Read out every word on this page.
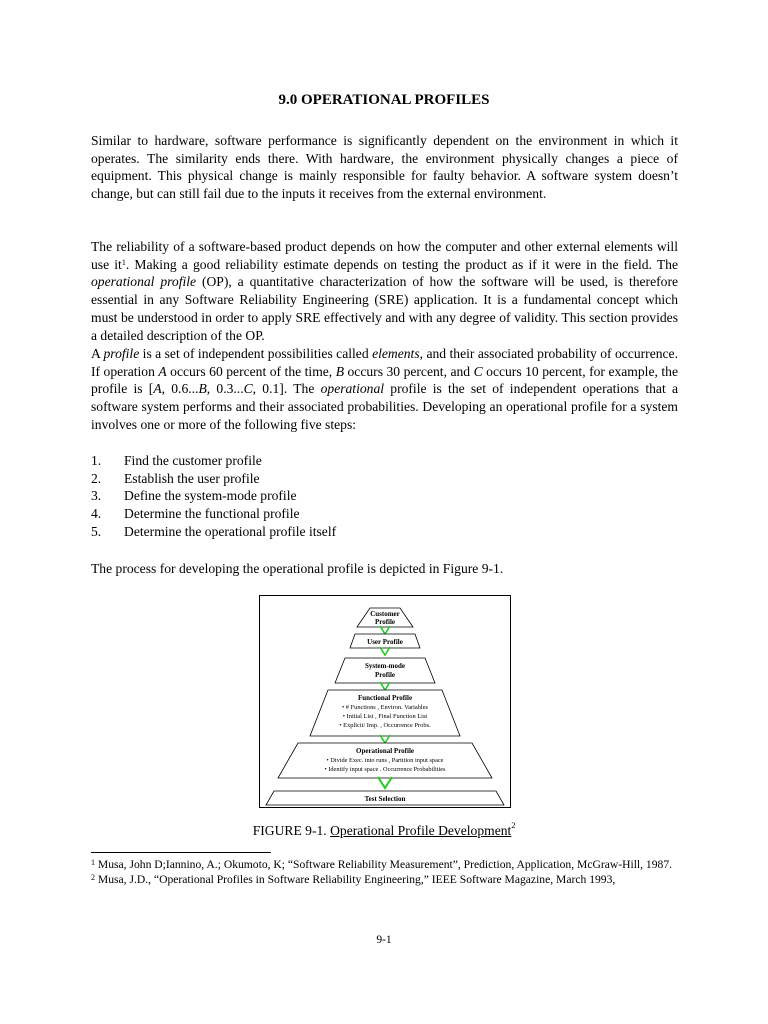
9.0 OPERATIONAL PROFILES

Similar to hardware, software performance is significantly dependent on the environment in which it operates. The similarity ends there. With hardware, the environment physically changes a piece of equipment. This physical change is mainly responsible for faulty behavior. A software system doesn’t change, but can still fail due to the inputs it receives from the external environment.

The reliability of a software-based product depends on how the computer and other external elements will use $it^1$. Making a good reliability estimate depends on testing the product as if it were in the field. The operational profile (OP), a quantitative characterization of how the software will be used, is therefore essential in any Software Reliability Engineering (SRE) application. It is a fundamental concept which must be understood in order to apply SRE effectively and with any degree of validity. This section provides a detailed description of the OP.

A profile is a set of independent possibilities called elements, and their associated probability of occurrence. If operation A occurs 60 percent of the time, B occurs 30 percent, and C occurs 10 percent, for example, the profile is [A, 0.6...B, 0.3...C, 0.1]. The operational profile is the set of independent operations that a software system performs and their associated probabilities. Developing an operational profile for a system involves one or more of the following five steps:

1. Find the customer profile
2. Establish the user profile
3. Define the system-mode profile
4. Determine the functional profile
5. Determine the operational profile itself

The process for developing the operational profile is depicted in Figure 9-1.

Customer
Profile
User Profile
System-mode
Profile
Functional Profile
• # Functions , Environ. Variables
• Initial List , Final Function List
• Explicit/ Imp. , Occurrence Probs.
Operational Profile
• Divide Exec. into runs , Partition input space
• Identify input space . Occurrence Probabilities
Test Selection
FIGURE 9-1. Operational Profile Development$^2$

$^1$ Musa, John D;Iannino, A.; Okumoto, K; “Software Reliability Measurement”, Prediction, Application, McGraw-Hill, 1987.

$^2$ Musa, J.D., “Operational Profiles in Software Reliability Engineering,” IEEE Software Magazine, March 1993,

9-1
